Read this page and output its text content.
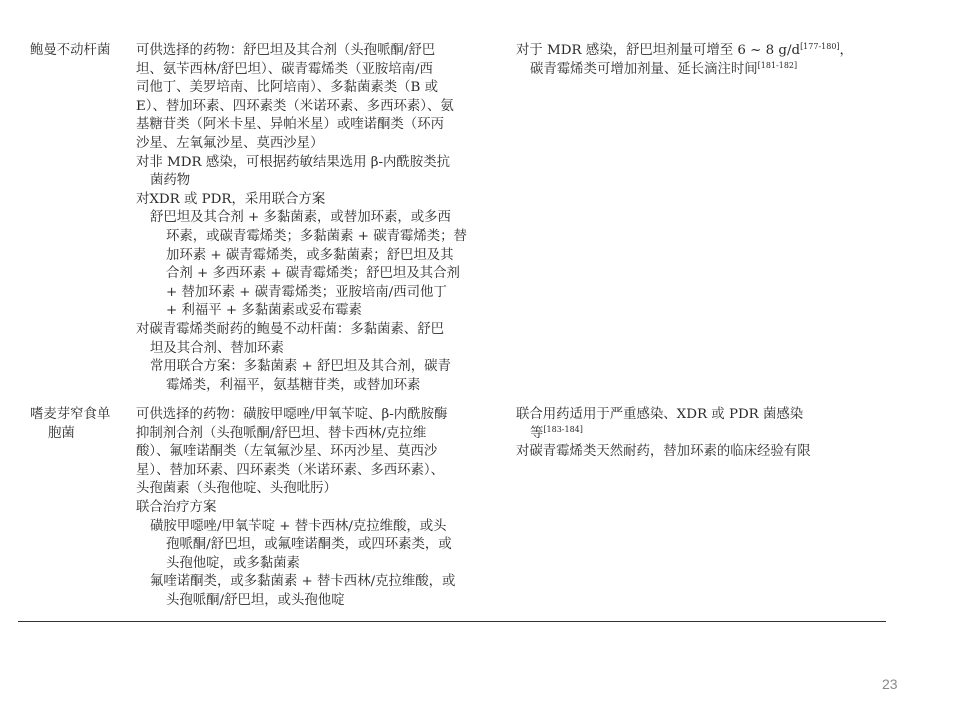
鲍曼不动杆菌 可供选择的药物：舒巴坦及其合剂（头孢哌酮/舒巴
坦、氨苄西林/舒巴坦）、碳青霉烯类（亚胺培南/西
司他丁、美罗培南、比阿培南）、多黏菌素类（B 或
E）、替加环素、四环素类（米诺环素、多西环素）、氨
基糖苷类（阿米卡星、异帕米星）或喹诺酮类（环丙
沙星、左氧氟沙星、莫西沙星）
对非 MDR 感染，可根据药敏结果选用 β-内酰胺类抗
菌药物
对XDR 或 PDR，采用联合方案
舒巴坦及其合剂 + 多黏菌素，或替加环素，或多西
环素，或碳青霉烯类；多黏菌素 + 碳青霉烯类；替
加环素 + 碳青霉烯类，或多黏菌素；舒巴坦及其
合剂 + 多西环素 + 碳青霉烯类；舒巴坦及其合剂
+ 替加环素 + 碳青霉烯类；亚胺培南/西司他丁
+ 利福平 + 多黏菌素或妥布霉素
对碳青霉烯类耐药的鲍曼不动杆菌：多黏菌素、舒巴
坦及其合剂、替加环素
常用联合方案：多黏菌素 + 舒巴坦及其合剂，碳青
霉烯类，利福平，氨基糖苷类，或替加环素
对于 MDR 感染，舒巴坦剂量可增至 6 ~ 8 g/d[177-180]，
碳青霉烯类可增加剂量、延长滴注时间[181-182]
嗜麦芽窄食单
胞菌
可供选择的药物：磺胺甲噁唑/甲氧苄啶、β-内酰胺酶
抑制剂合剂（头孢哌酮/舒巴坦、替卡西林/克拉维
酸）、氟喹诺酮类（左氧氟沙星、环丙沙星、莫西沙
星）、替加环素、四环素类（米诺环素、多西环素）、
头孢菌素（头孢他啶、头孢吡肟）
联合治疗方案
磺胺甲噁唑/甲氧苄啶 + 替卡西林/克拉维酸，或头
孢哌酮/舒巴坦，或氟喹诺酮类，或四环素类，或
头孢他啶，或多黏菌素
氟喹诺酮类，或多黏菌素 + 替卡西林/克拉维酸，或
头孢哌酮/舒巴坦，或头孢他啶
联合用药适用于严重感染、XDR 或 PDR 菌感染
等[183-184]
对碳青霉烯类天然耐药，替加环素的临床经验有限
23
